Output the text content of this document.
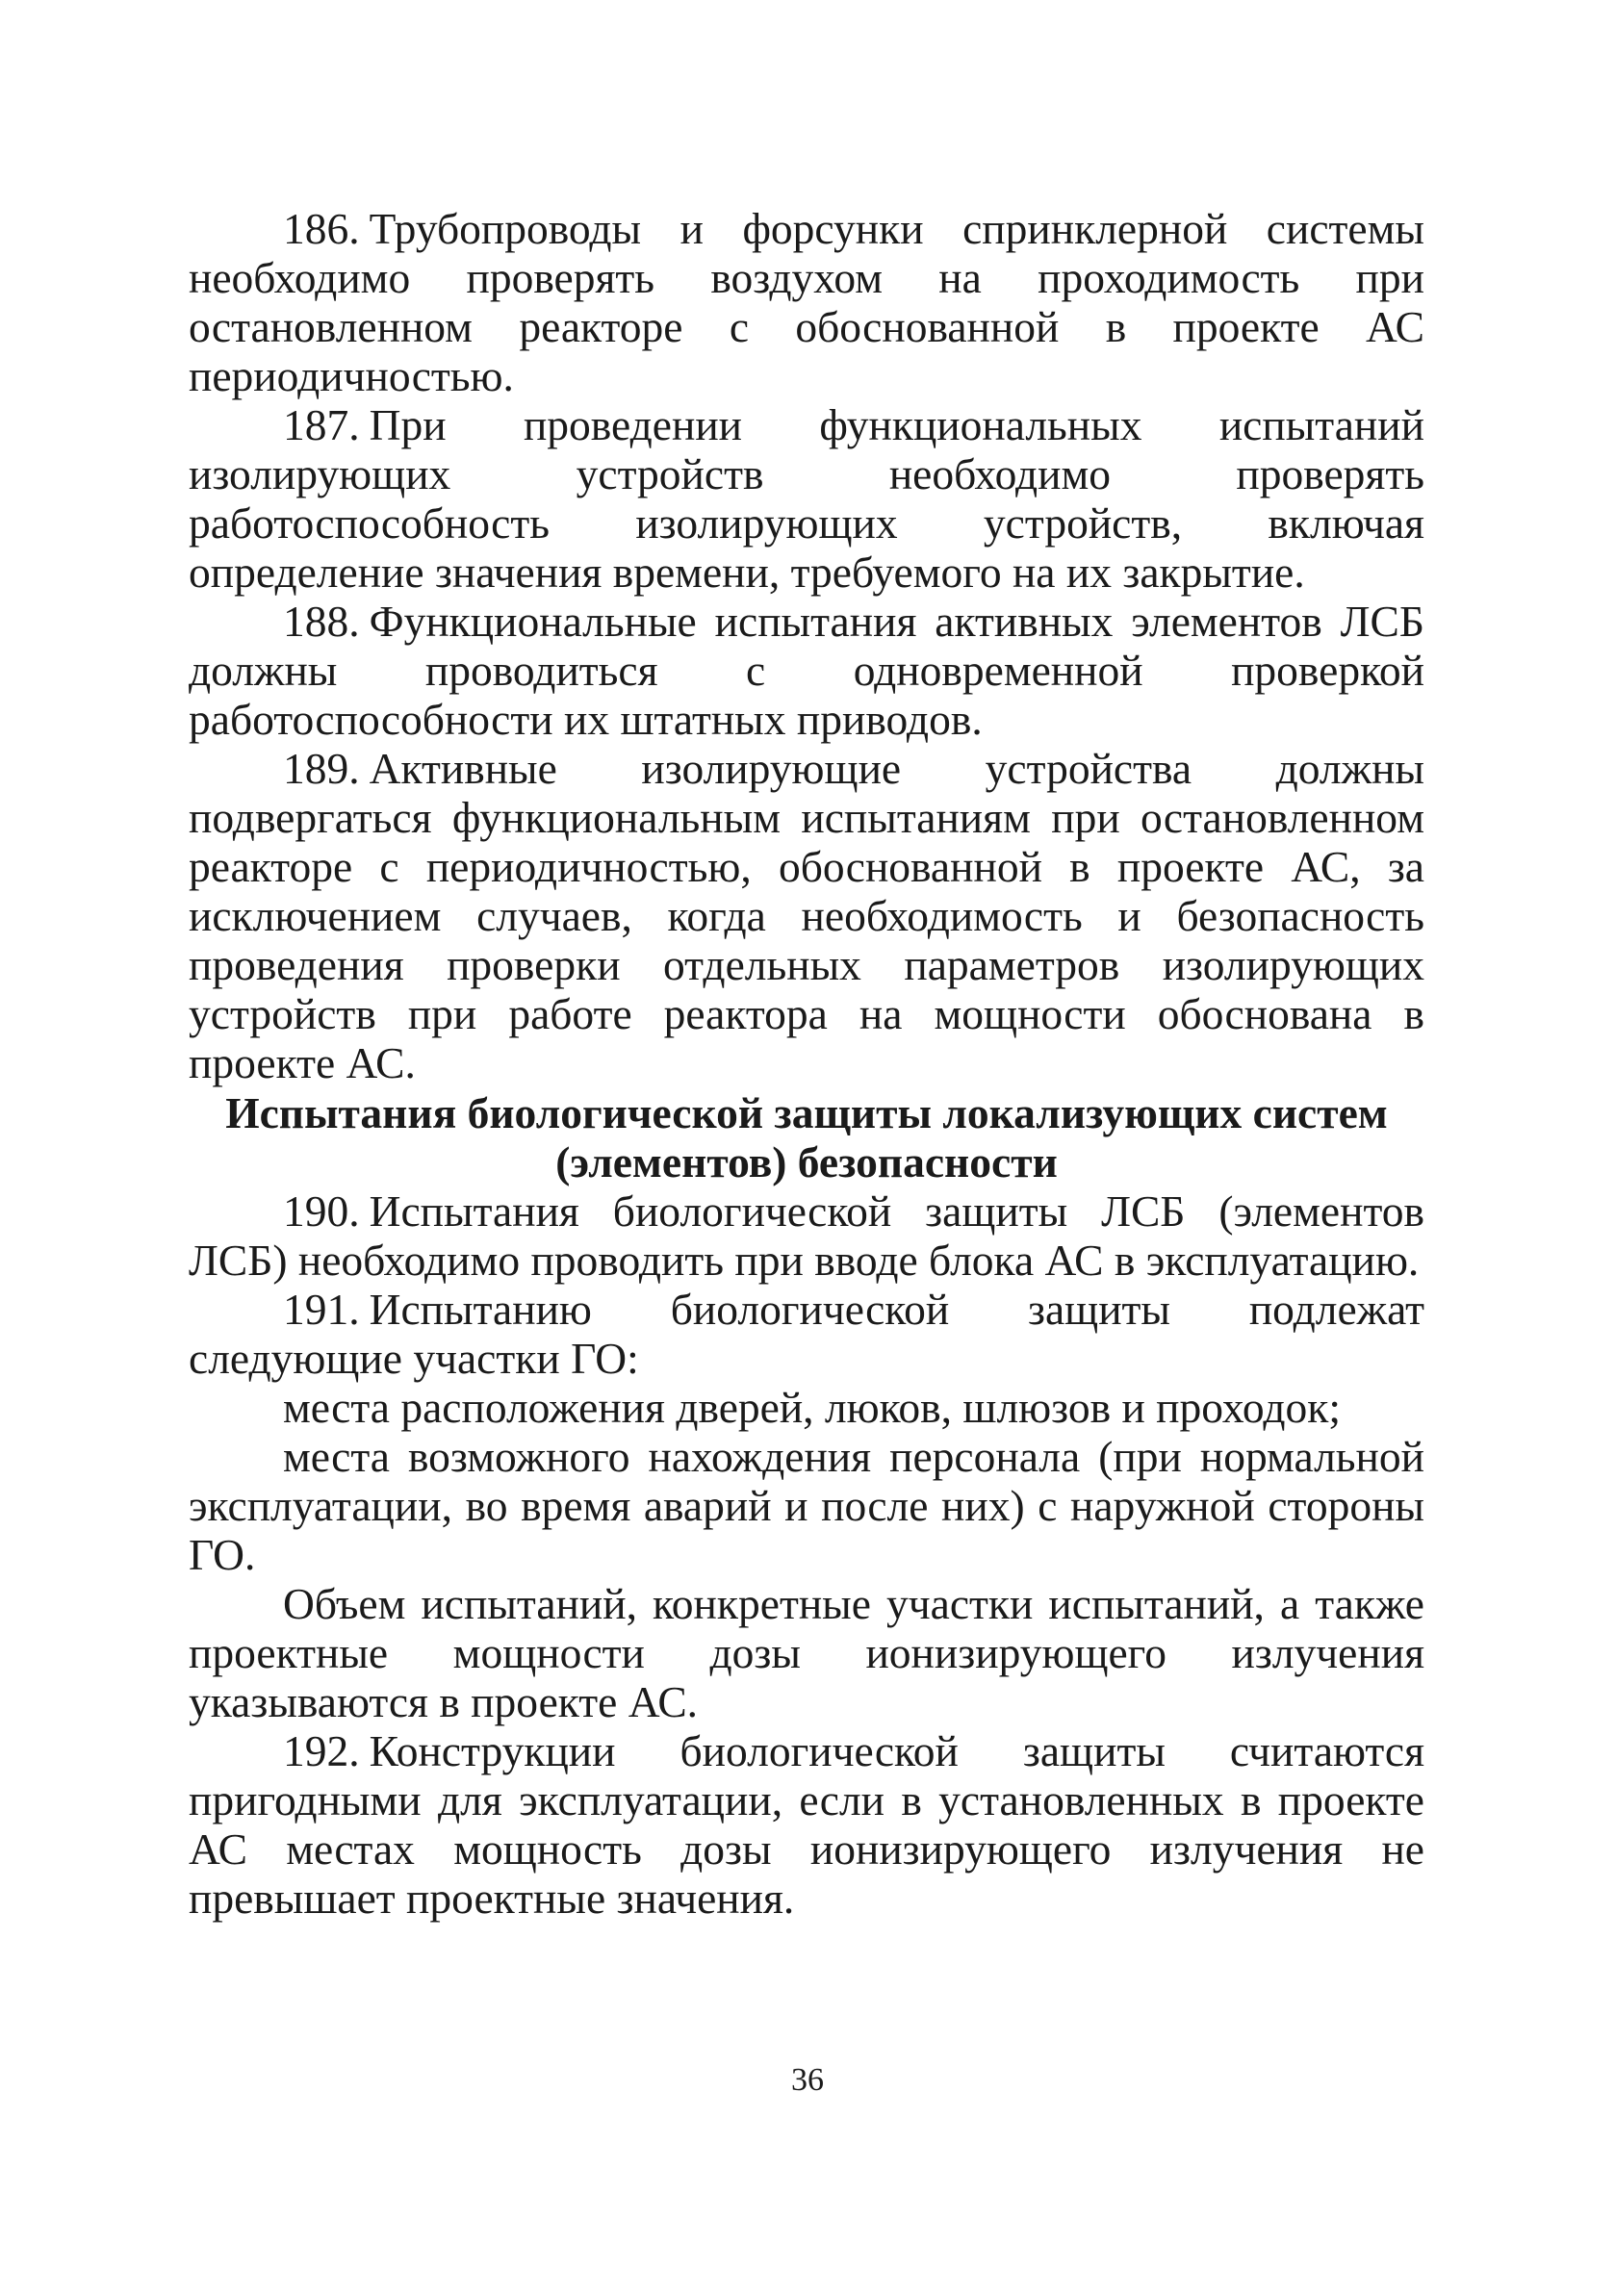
186. Трубопроводы и форсунки спринклерной системы необходимо проверять воздухом на проходимость при остановленном реакторе с обоснованной в проекте АС периодичностью.

187. При проведении функциональных испытаний изолирующих устройств необходимо проверять работоспособность изолирующих устройств, включая определение значения времени, требуемого на их закрытие.

188. Функциональные испытания активных элементов ЛСБ должны проводиться с одновременной проверкой работоспособности их штатных приводов.

189. Активные изолирующие устройства должны подвергаться функциональным испытаниям при остановленном реакторе с периодичностью, обоснованной в проекте АС, за исключением случаев, когда необходимость и безопасность проведения проверки отдельных параметров изолирующих устройств при работе реактора на мощности обоснована в проекте АС.

Испытания биологической защиты локализующих систем
(элементов) безопасности

190. Испытания биологической защиты ЛСБ (элементов ЛСБ) необходимо проводить при вводе блока АС в эксплуатацию.

191. Испытанию биологической защиты подлежат следующие участки ГО:

места расположения дверей, люков, шлюзов и проходок;

места возможного нахождения персонала (при нормальной эксплуатации, во время аварий и после них) с наружной стороны ГО.

Объем испытаний, конкретные участки испытаний, а также проектные мощности дозы ионизирующего излучения указываются в проекте АС.

192. Конструкции биологической защиты считаются пригодными для эксплуатации, если в установленных в проекте АС местах мощность дозы ионизирующего излучения не превышает проектные значения.

36
